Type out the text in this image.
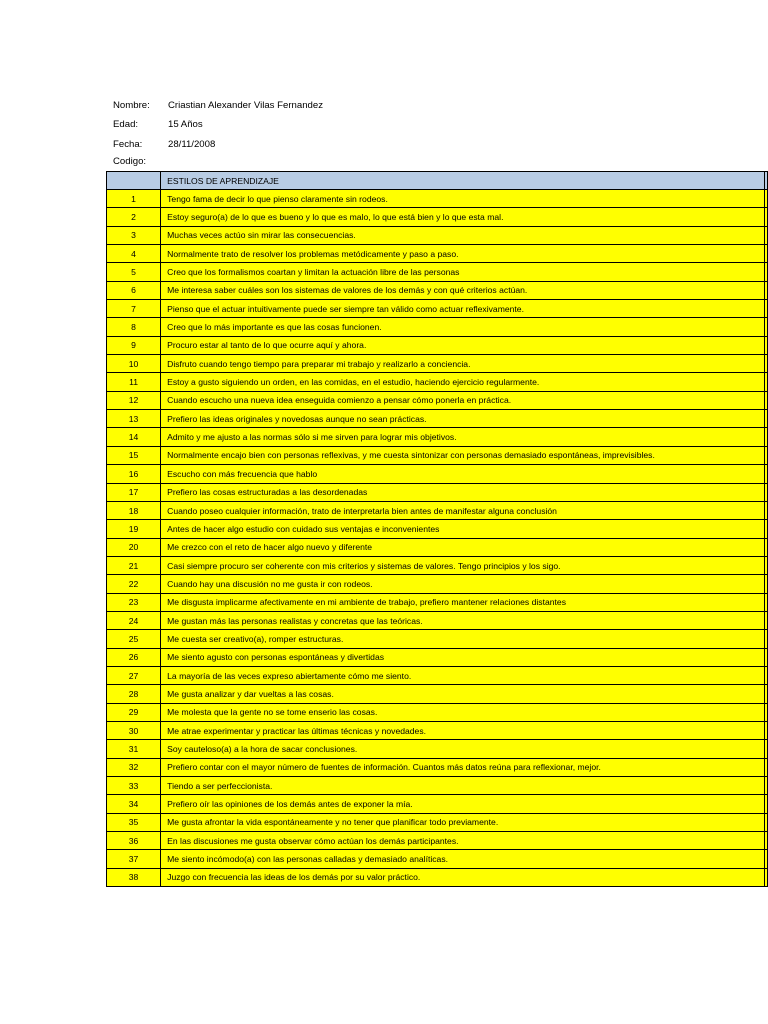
Nombre:	Criastian Alexander Vilas Fernandez
Edad:	15 Años
Fecha:	28/11/2008
Codigo:
	ESTILOS DE APRENDIZAJE	
1	Tengo fama de decir lo que pienso claramente sin rodeos.	
2	Estoy seguro(a) de lo que es bueno y lo que es malo, lo que está bien y lo que esta mal.	
3	Muchas veces actúo sin mirar las consecuencias.	
4	Normalmente trato de resolver los problemas metódicamente y paso a paso.	
5	Creo que los formalismos coartan y limitan la actuación libre de las personas	
6	Me interesa saber cuáles son los sistemas de valores de los demás y con qué criterios actúan.	
7	Pienso que el actuar intuitivamente puede ser siempre tan válido como actuar reflexivamente.	
8	Creo que lo más importante es que las cosas funcionen.	
9	Procuro estar al tanto de lo que ocurre aquí y ahora.	
10	Disfruto cuando tengo tiempo para preparar mi trabajo y realizarlo a conciencia.	
11	Estoy a gusto siguiendo un orden, en las comidas, en el estudio, haciendo ejercicio regularmente.	
12	Cuando escucho una nueva idea enseguida comienzo a pensar cómo ponerla en práctica.	
13	Prefiero las ideas originales y novedosas aunque no sean prácticas.	
14	Admito y me ajusto a las normas sólo si me sirven para lograr mis objetivos.	
15	Normalmente encajo bien con personas reflexivas, y me cuesta sintonizar con personas demasiado espontáneas, imprevisibles.	
16	Escucho con más frecuencia que hablo	
17	Prefiero las cosas estructuradas a las desordenadas	
18	Cuando poseo cualquier información, trato de interpretarla bien antes de manifestar alguna conclusión	
19	Antes de hacer algo estudio con cuidado sus ventajas e inconvenientes	
20	Me crezco con el reto de hacer algo nuevo y diferente	
21	Casi siempre procuro ser coherente con mis criterios y sistemas de valores. Tengo principios y los sigo.	
22	Cuando hay una discusión no me gusta ir con rodeos.	
23	Me disgusta implicarme afectivamente en mi ambiente de trabajo, prefiero mantener relaciones distantes	
24	Me gustan más las personas realistas y concretas que las teóricas.	
25	Me cuesta ser creativo(a), romper estructuras.	
26	Me siento agusto con personas espontáneas y divertidas	
27	La mayoría de las veces expreso abiertamente cómo me siento.	
28	Me gusta analizar y dar vueltas a las cosas.	
29	Me molesta que la gente no se tome enserio las cosas.	
30	Me atrae experimentar y practicar las últimas técnicas y novedades.	
31	Soy cauteloso(a) a la hora de sacar conclusiones.	
32	Prefiero contar con el mayor número de fuentes de información. Cuantos más datos reúna para reflexionar, mejor.	
33	Tiendo a ser perfeccionista.	
34	Prefiero oír las opiniones de los demás antes de exponer la mía.	
35	Me gusta afrontar la vida espontáneamente y no tener que planificar todo previamente.	
36	En las discusiones me gusta observar cómo actúan los demás participantes.	
37	Me siento incómodo(a) con las personas calladas y demasiado analíticas.	
38	Juzgo con frecuencia las ideas de los demás por su valor práctico.	
